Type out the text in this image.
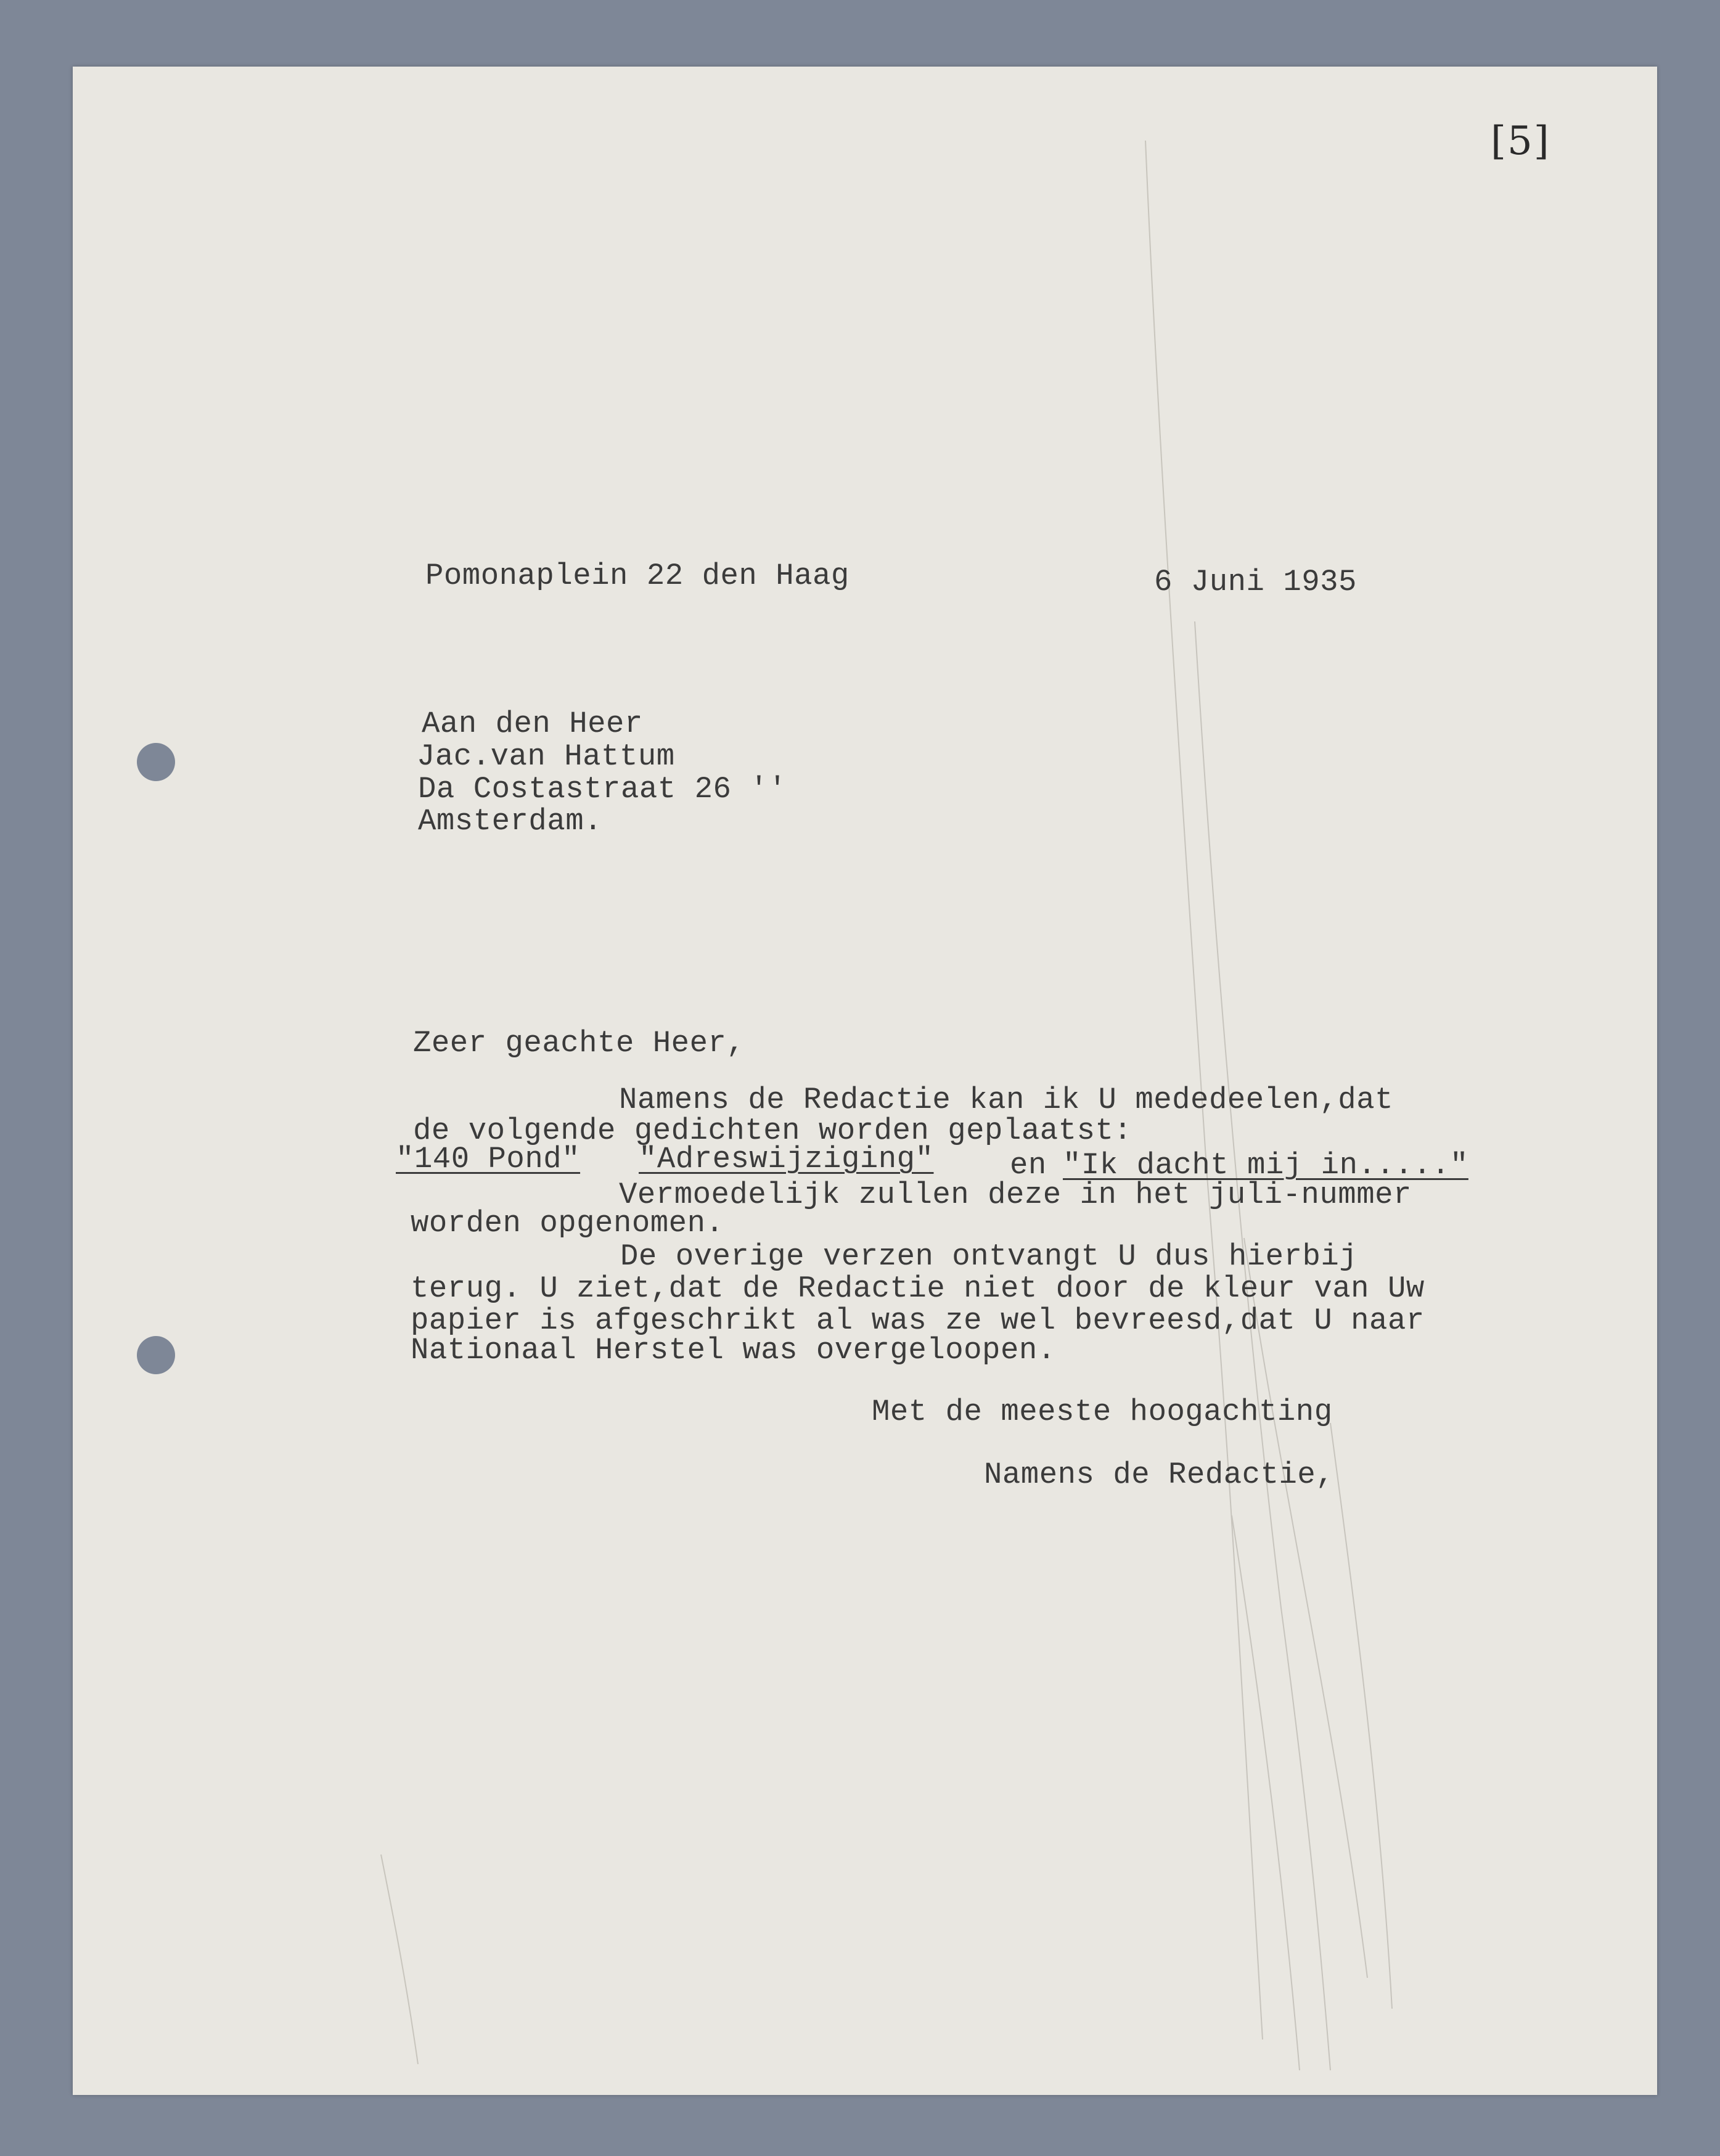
[5]
Pomonaplein 22 den Haag	6 Juni 1935
Aan den Heer
Jac.van Hattum
Da Costastraat 26 ''
Amsterdam.
Zeer geachte Heer,
Namens de Redactie kan ik U mededeelen,dat
de volgende gedichten worden geplaatst:
"140 Pond" "Adreswijziging"	en "Ik dacht mij in....."
Vermoedelijk zullen deze in het juli-nummer
worden opgenomen.
De overige verzen ontvangt U dus hierbij
terug. U ziet,dat de Redactie niet door de kleur van Uw
papier is afgeschrikt al was ze wel bevreesd,dat U naar
Nationaal Herstel was overgeloopen.
Met de meeste hoogachting
Namens de Redactie,
